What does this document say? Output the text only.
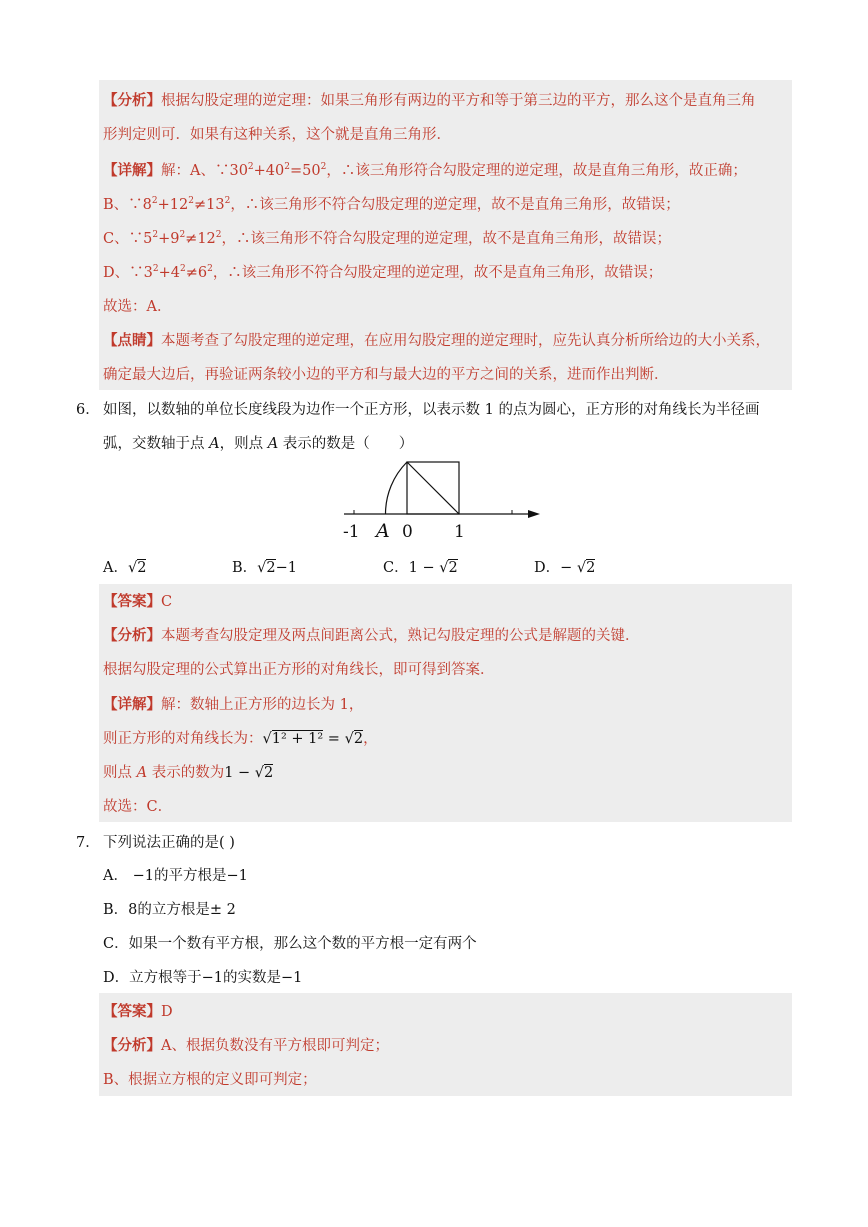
【分析】根据勾股定理的逆定理：如果三角形有两边的平方和等于第三边的平方，那么这个是直角三角
形判定则可．如果有这种关系，这个就是直角三角形．
【详解】解：A、$\because 30^2+40^2=50^2$，∴该三角形符合勾股定理的逆定理，故是直角三角形，故正确；
B、$\because 8^2+12^2\ne 13^2$，∴该三角形不符合勾股定理的逆定理，故不是直角三角形，故错误；
C、$\because 5^2+9^2\ne 12^2$，∴该三角形不符合勾股定理的逆定理，故不是直角三角形，故错误；
D、$\because 3^2+4^2\ne 6^2$，∴该三角形不符合勾股定理的逆定理，故不是直角三角形，故错误；
故选：A．
【点睛】本题考查了勾股定理的逆定理，在应用勾股定理的逆定理时，应先认真分析所给边的大小关系，
确定最大边后，再验证两条较小边的平方和与最大边的平方之间的关系，进而作出判断．
6． 如图，以数轴的单位长度线段为边作一个正方形，以表示数 1 的点为圆心，正方形的对角线长为半径画
弧，交数轴于点 A，则点 A 表示的数是（　　）
-1 A 0 1
A．√2	B．√2−1	C．1 − √2	D．− √2
【答案】C
【分析】本题考查勾股定理及两点间距离公式，熟记勾股定理的公式是解题的关键．
根据勾股定理的公式算出正方形的对角线长，即可得到答案．
【详解】解：数轴上正方形的边长为 1，
则正方形的对角线长为：√1² + 1² = √2，
则点 A 表示的数为1 − √2
故选：C．
7． 下列说法正确的是( )
A． −1的平方根是−1
B．8的立方根是± 2
C．如果一个数有平方根，那么这个数的平方根一定有两个
D．立方根等于−1的实数是−1
【答案】D
【分析】A、根据负数没有平方根即可判定；
B、根据立方根的定义即可判定；
